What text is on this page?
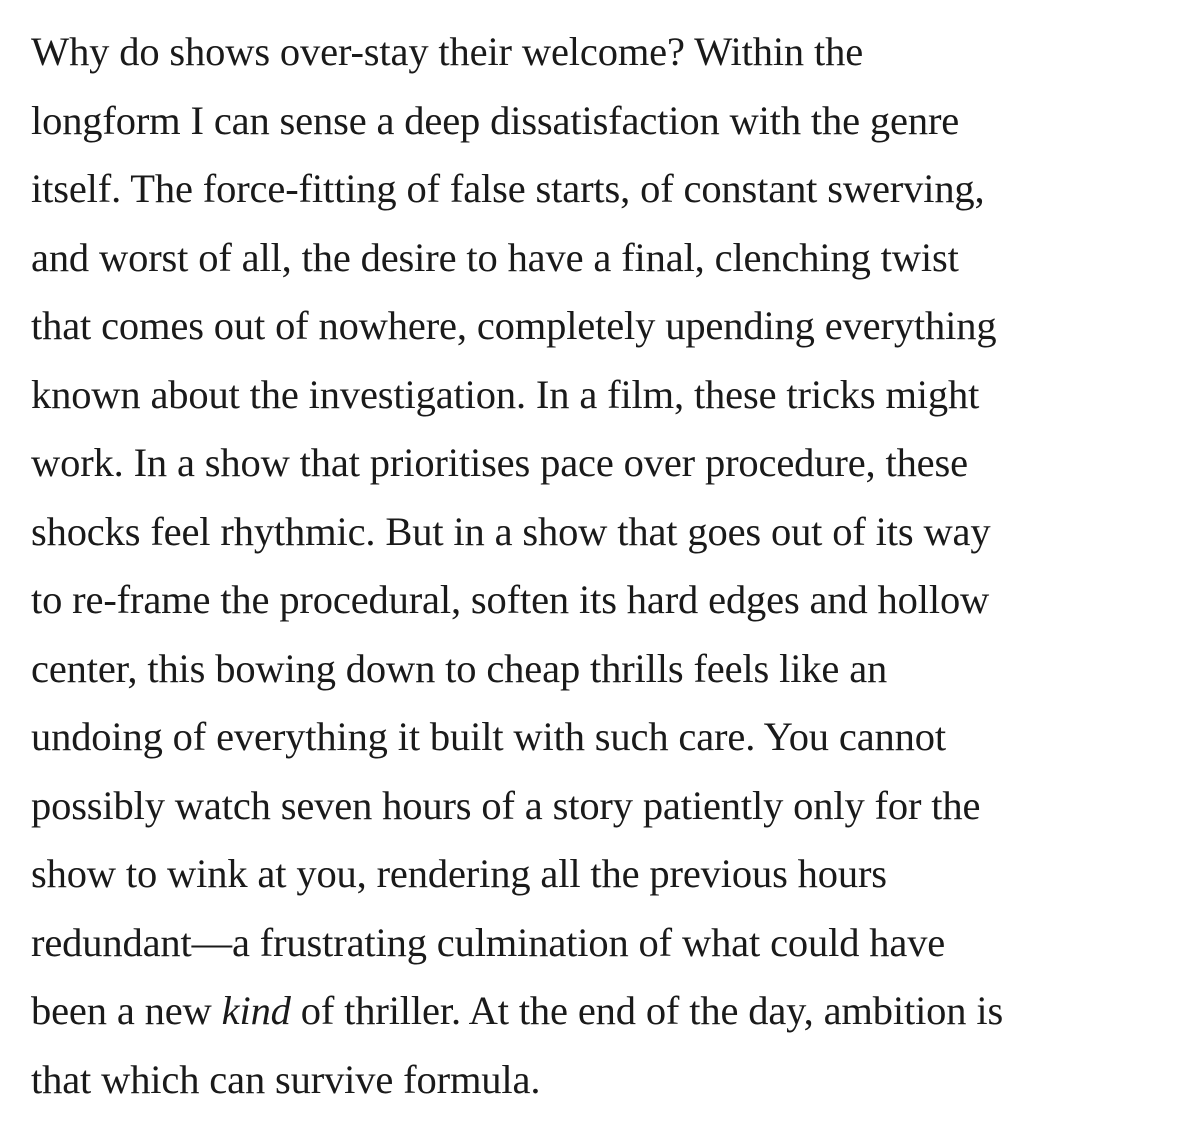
Why do shows over-stay their welcome? Within the
longform I can sense a deep dissatisfaction with the genre
itself. The force-fitting of false starts, of constant swerving,
and worst of all, the desire to have a final, clenching twist
that comes out of nowhere, completely upending everything
known about the investigation. In a film, these tricks might
work. In a show that prioritises pace over procedure, these
shocks feel rhythmic. But in a show that goes out of its way
to re-frame the procedural, soften its hard edges and hollow
center, this bowing down to cheap thrills feels like an
undoing of everything it built with such care. You cannot
possibly watch seven hours of a story patiently only for the
show to wink at you, rendering all the previous hours
redundant—a frustrating culmination of what could have
been a new kind of thriller. At the end of the day, ambition is
that which can survive formula.
